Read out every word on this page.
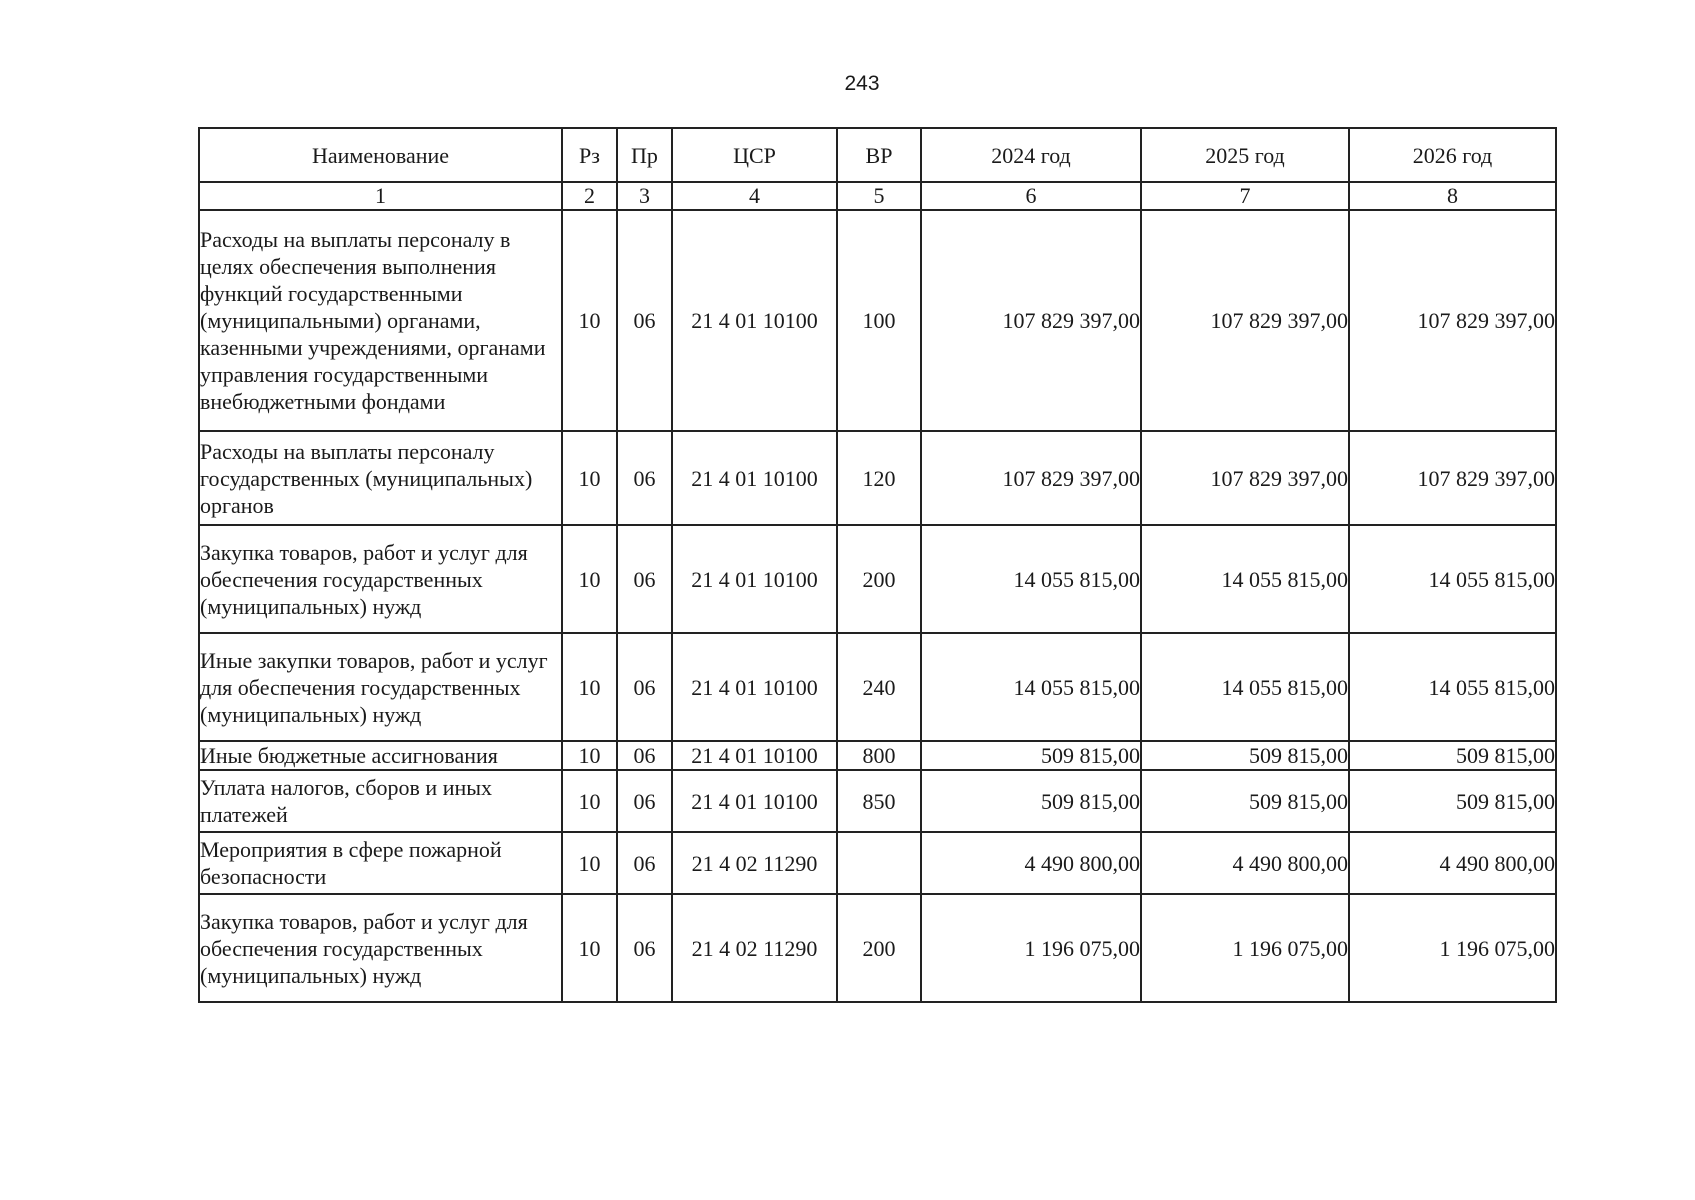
243
Наименование	Рз	Пр	ЦСР	ВР	2024 год	2025 год	2026 год
1	2	3	4	5	6	7	8
Расходы на выплаты персоналу в целях обеспечения выполнения функций государственными (муниципальными) органами, казенными учреждениями, органами управления государственными внебюджетными фондами	10	06	21 4 01 10100	100	107 829 397,00	107 829 397,00	107 829 397,00
Расходы на выплаты персоналу государственных (муниципальных) органов	10	06	21 4 01 10100	120	107 829 397,00	107 829 397,00	107 829 397,00
Закупка товаров, работ и услуг для обеспечения государственных (муниципальных) нужд	10	06	21 4 01 10100	200	14 055 815,00	14 055 815,00	14 055 815,00
Иные закупки товаров, работ и услуг для обеспечения государственных (муниципальных) нужд	10	06	21 4 01 10100	240	14 055 815,00	14 055 815,00	14 055 815,00
Иные бюджетные ассигнования	10	06	21 4 01 10100	800	509 815,00	509 815,00	509 815,00
Уплата налогов, сборов и иных платежей	10	06	21 4 01 10100	850	509 815,00	509 815,00	509 815,00
Мероприятия в сфере пожарной безопасности	10	06	21 4 02 11290		4 490 800,00	4 490 800,00	4 490 800,00
Закупка товаров, работ и услуг для обеспечения государственных (муниципальных) нужд	10	06	21 4 02 11290	200	1 196 075,00	1 196 075,00	1 196 075,00
